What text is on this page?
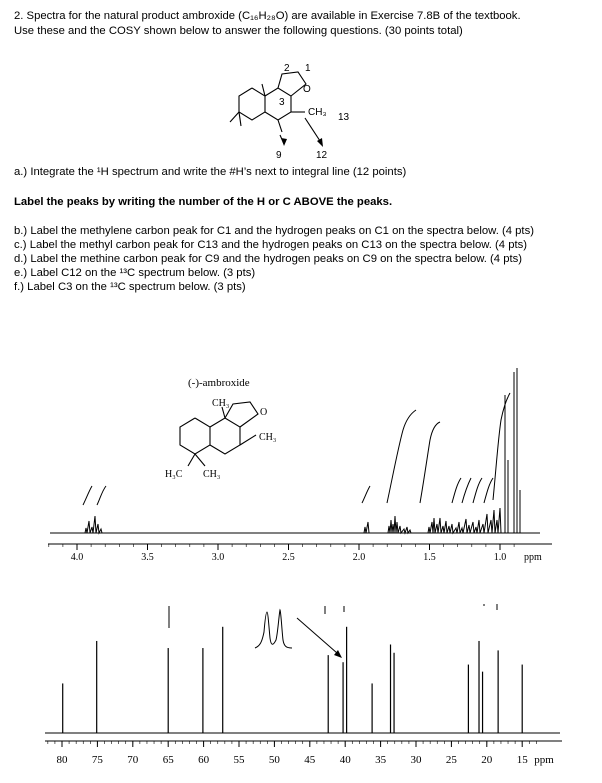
2. Spectra for the natural product ambroxide (C₁₆H₂₈O) are available in Exercise 7.8B of the textbook.
Use these and the COSY shown below to answer the following questions. (30 points total)
2 1
3
O
CH₃ 13
9	12
a.) Integrate the ¹H spectrum and write the #H’s next to integral line (12 points)
Label the peaks by writing the number of the H or C ABOVE the peaks.
b.) Label the methylene carbon peak for C1 and the hydrogen peaks on C1 on the spectra below. (4 pts)
c.) Label the methyl carbon peak for C13 and the hydrogen peaks on C13 on the spectra below. (4 pts)
d.) Label the methine carbon peak for C9 and the hydrogen peaks on C9 on the spectra below. (4 pts)
e.) Label C12 on the ¹³C spectrum below. (3 pts)
f.) Label C3 on the ¹³C spectrum below. (3 pts)
(-)-ambroxide
CH₃
O
CH₃
H₃C CH₃
4.0	3.5	3.0	2.5	2.0	1.5	1.0 ppm
80 75 70 65 60 55 50 45 40 35 30 25 20 15 ppm
